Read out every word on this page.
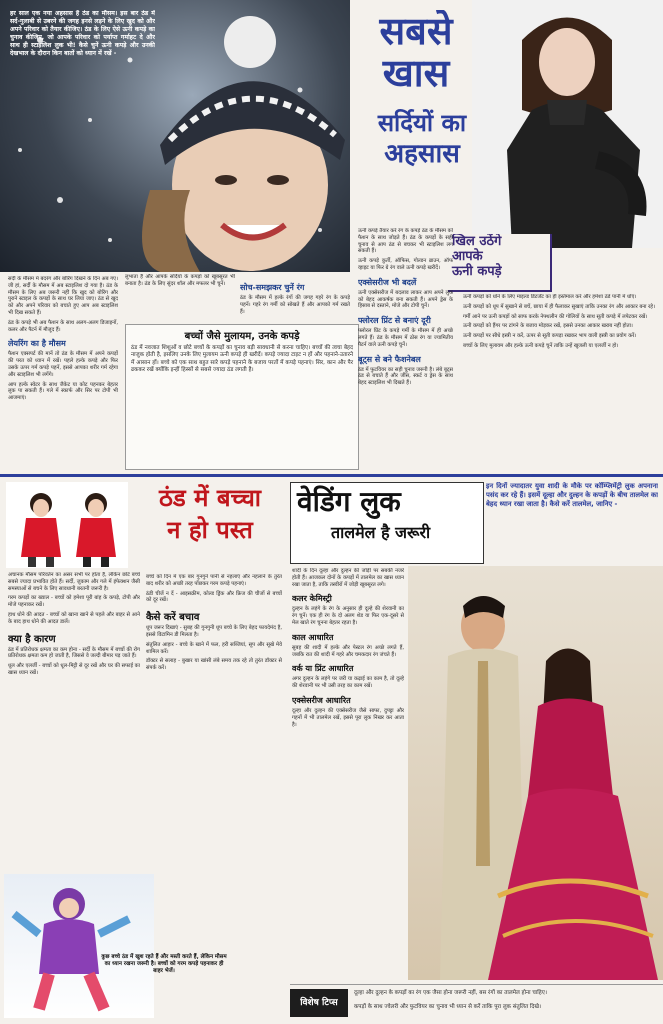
हर साल एक नया अहसास है ठंड का मौसम। इस बार ठंड में सर्द-गुलाबी से उबरने की जगह इनसे लड़ने के लिए खुद को और अपने परिवार को तैयार कीजिए। ठंड के लिए ऐसे ऊनी कपड़े का चुनाव कीजिए, जो आपके परिवार को पर्याप्त गर्माहट दे और साथ ही स्टाइलिश लुक भी! कैसे चुनें ऊनी कपड़े और उनकी देखभाल के दौरान किन बातों को ध्यान में रखें -

सबसे
खास
सर्दियों का
अहसास
खिल उठेंगे
आपके
ऊनी कपड़े

सर्दी के मौसम में बदरंग और बोरिंग दिखने के दिन अब गए। जी हां, सर्दी के मौसम में अब स्टाइलिश दो गया है। ठंड के मौसम के लिए अब जरूरी नहीं कि खुद को बोरिंग और पुराने स्टाइल के कपड़ों के साथ घर लिया जाए। ठंड से खुद को और अपने परिवार को बचाते हुए आप अब स्टाइलिश भी दिख सकते हैं।

ठंड के कपड़े भी अब फैशन के साथ अलग-अलग डिजाइनों, कलर और पैटर्न में मौजूद हैं।

लेयरिंग का है मौसम

फैशन एक्सपर्ट की मानें तो ठंड के मौसम में अपने कपड़ों की परत को ध्यान में रखें। पहले हल्के कपड़े और फिर उसके ऊपर गर्म कपड़े पहनें, इससे आपका शरीर गर्म रहेगा और स्टाइलिश भी लगेंगे।

आप हल्के स्वेटर के साथ जैकेट या कोट पहनकर बेहतर लुक पा सकती हैं। गले में स्कार्फ और सिर पर टोपी भी आजमाएं।

लुभाता है और आपके सर्दियों के कपड़ों को खूबसूरत भी बनाता है। ठंड के लिए सुंदर शॉल और मफलर भी चुनें।	सोच-समझकर चुनें रंग

ठंड के मौसम में हल्के रंगों की जगह गहरे रंग के कपड़े पहनें। गहरे रंग गर्मी को सोखते हैं और आपको गर्म रखते हैं।

बच्चों जैसे मुलायम, उनके कपड़े

ठंड में नवजात शिशुओं व छोटे बच्चों के कपड़ों का चुनाव बड़ी सावधानी से करना चाहिए। बच्चों की त्वचा बेहद नाजुक होती है, इसलिए उनके लिए मुलायम ऊनी कपड़े ही खरीदें। कपड़े ज्यादा टाइट न हों और पहनाने-उतारने में आसान हों। बच्चे को एक साथ बहुत सारे कपड़े पहनाने के बजाय परतों में कपड़े पहनाएं। सिर, कान और पैर ढककर रखें क्योंकि इन्हीं हिस्सों से सबसे ज्यादा ठंड लगती है।

ऊनी कपड़े तैयार करें रंग के कपड़े ठंड के मौसम को फैशन के साथ जोड़ते हैं। ठंड के कपड़ों के सही चुनाव से आप ठंड से बचकर भी स्टाइलिश लग सकती हैं।

ऊनी कपड़े कुर्ती, ऑफिस, गोल्डन ब्राउन, ऑफ व्हाइट या फिर ग्रे रंग वाले ऊनी कपड़े खरीदें।

एक्सेसरीज भी बदलें

ऊनी एक्सेसरीज में बदलाव लाकर आप अपने लुक को बेहद आकर्षक बना सकती हैं। अपने ड्रेस के हिसाब से दस्ताने, मोजे और टोपी चुनें।

फ्लोरल प्रिंट से बनाएं दूरी

फ्लोरल प्रिंट के कपड़े गर्मी के मौसम में ही अच्छे लगते हैं। ठंड के मौसम में ठोस रंग या ज्यामितीय पैटर्न वाले ऊनी कपड़े चुनें।

बूट्स से बने फैशनेबल

ठंड में फुटवियर का सही चुनाव जरूरी है। लंबे बूट्स ठंड से बचाते हैं और जींस, स्कर्ट व ड्रेस के साथ बेहद स्टाइलिश भी दिखते हैं।

ऊनी कपड़ों को धोने के लिए माइल्ड डिटर्जेंट का ही इस्तेमाल करें और हमेशा ठंडे पानी में धोएं।

ऊनी कपड़ों को धूप में सुखाने से बचें, छाया में ही फैलाकर सुखाएं ताकि उनका रंग और आकार बना रहे।

गर्मी आने पर ऊनी कपड़ों को साफ करके नेफ्थलीन की गोलियों के साथ सूती कपड़े में लपेटकर रखें।

ऊनी कपड़ों को हैंगर पर टांगने के बजाय मोड़कर रखें, इससे उनका आकार खराब नहीं होता।

ऊनी कपड़ों पर सीधे इस्त्री न करें, ऊपर से सूती कपड़ा रखकर भाप वाली इस्त्री का प्रयोग करें।

बच्चों के लिए मुलायम और हल्के ऊनी कपड़े चुनें ताकि उन्हें खुजली या एलर्जी न हो।

ठंड में बच्चा
न हो पस्त

अचानक मौसम परिवर्तन का असर सभी पर होता है, लेकिन छोटे बच्चे सबसे ज्यादा प्रभावित होते हैं। सर्दी, जुकाम और गले में इंफेक्शन जैसी समस्याओं से बचने के लिए सावधानी बरतनी जरूरी है।

गरम कपड़ों का ख्याल - बच्चों को हमेशा पूरी बांह के कपड़े, टोपी और मोजे पहनाकर रखें।

हाथ धोने की आदत - बच्चों को खाना खाने से पहले और बाहर से आने के बाद हाथ धोने की आदत डालें।

क्या है कारण

ठंड में प्रतिरोधक क्षमता का कम होना - सर्दी के मौसम में बच्चों की रोग प्रतिरोधक क्षमता कम हो जाती है, जिससे वे जल्दी बीमार पड़ जाते हैं।

धूल और एलर्जी - बच्चों को धूल-मिट्टी से दूर रखें और घर की सफाई का खास ध्यान रखें।

बच्चे को दिन में एक बार गुनगुने पानी से नहलाएं और नहलाने के तुरंत बाद शरीर को अच्छी तरह पोंछकर गरम कपड़े पहनाएं।

ठंडी चीजें न दें - आइसक्रीम, कोल्ड ड्रिंक और फ्रिज की चीजों से बच्चों को दूर रखें।

कैसे करें बचाव

धूप जरूर दिखाएं - सुबह की गुनगुनी धूप बच्चे के लिए बेहद फायदेमंद है, इससे विटामिन डी मिलता है।

संतुलित आहार - बच्चे के खाने में फल, हरी सब्जियां, सूप और सूखे मेवे शामिल करें।

डॉक्टर से सलाह - बुखार या खांसी लंबे समय तक रहे तो तुरंत डॉक्टर से संपर्क करें।

कुछ बच्चे ठंड में खुश रहते हैं और मस्ती करते हैं, लेकिन मौसम का ध्यान रखना जरूरी है। बच्चों को गरम कपड़े पहनाकर ही बाहर भेजें।
वेडिंग लुक
तालमेल है जरूरी

इन दिनों ज्यादातर युवा शादी के मौके पर कॉम्प्लिमेंट्री लुक अपनाना पसंद कर रहे हैं। इसमें दूल्हा और दुल्हन के कपड़ों के बीच तालमेल का बेहद ध्यान रखा जाता है। कैसे करें तालमेल, जानिए -

शादी के दिन दूल्हा और दुल्हन की जोड़ी पर सबकी नजरें होती हैं। आजकल दोनों के कपड़ों में तालमेल का खास ध्यान रखा जाता है, ताकि तस्वीरों में जोड़ी खूबसूरत लगे।

कलर केमिस्ट्री

दुल्हन के लहंगे के रंग के अनुसार ही दूल्हे की शेरवानी का रंग चुनें। एक ही रंग के दो अलग शेड या फिर एक-दूसरे से मेल खाते रंग चुनना बेहतर रहता है।

काल आधारित

सुबह की शादी में हल्के और पेस्टल रंग अच्छे लगते हैं, जबकि रात की शादी में गहरे और चमकदार रंग जंचते हैं।

वर्क या प्रिंट आधारित

अगर दुल्हन के लहंगे पर जरी या कढ़ाई का काम है, तो दूल्हे की शेरवानी पर भी उसी तरह का काम रखें।

एक्सेसरीज आधारित

दूल्हा और दुल्हन की एक्सेसरीज जैसे साफा, दुपट्टा और गहनों में भी तालमेल रखें, इससे पूरा लुक निखर कर आता है।

विशेष टिप्स

दूल्हा और दुल्हन के कपड़ों का रंग एक जैसा होना जरूरी नहीं, बस रंगों का तालमेल होना चाहिए।

कपड़ों के साथ ज्वेलरी और फुटवियर का चुनाव भी ध्यान से करें ताकि पूरा लुक संतुलित दिखे।
